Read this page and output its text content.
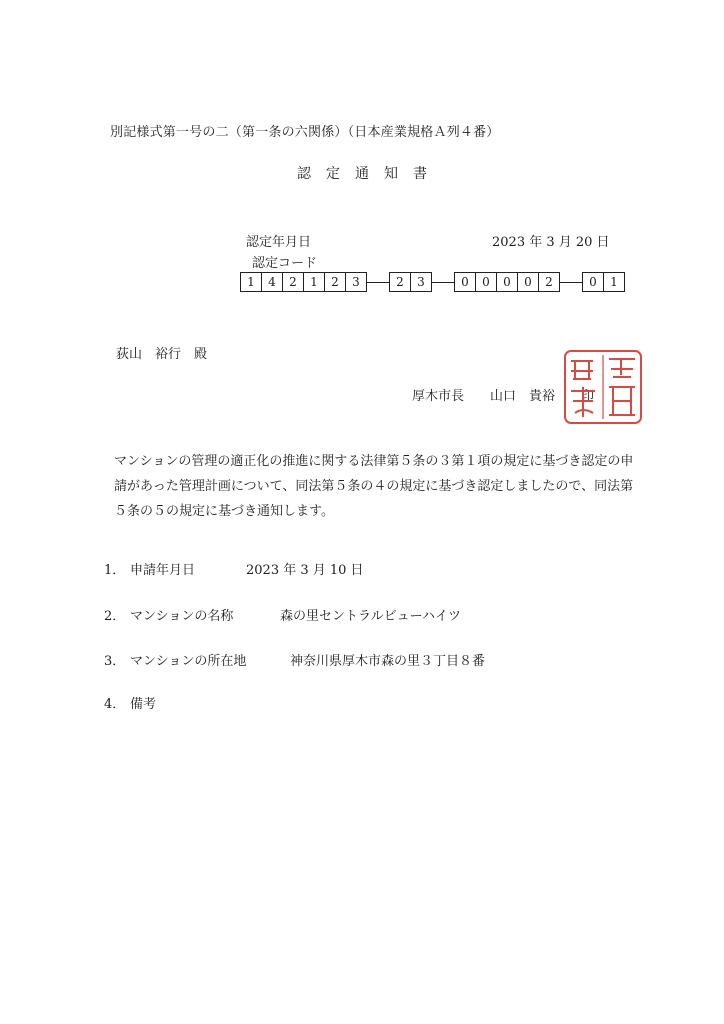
別記様式第一号の二（第一条の六関係）（日本産業規格Ａ列４番）
認定通知書
認定年月日	2023 年 3 月 20 日
認定コード
1	4	2	1	2	3	2	3	0	0	0	0	2	0	1
荻山　裕行　殿
厚木市長　　山口　貴裕　　印
マンションの管理の適正化の推進に関する法律第５条の３第１項の規定に基づき認定の申請があった管理計画について、同法第５条の４の規定に基づき認定しましたので、同法第５条の５の規定に基づき通知します。
1． 申請年月日	2023 年 3 月 10 日
2． マンションの名称	森の里セントラルビューハイツ
3． マンションの所在地	神奈川県厚木市森の里３丁目８番
4． 備考
